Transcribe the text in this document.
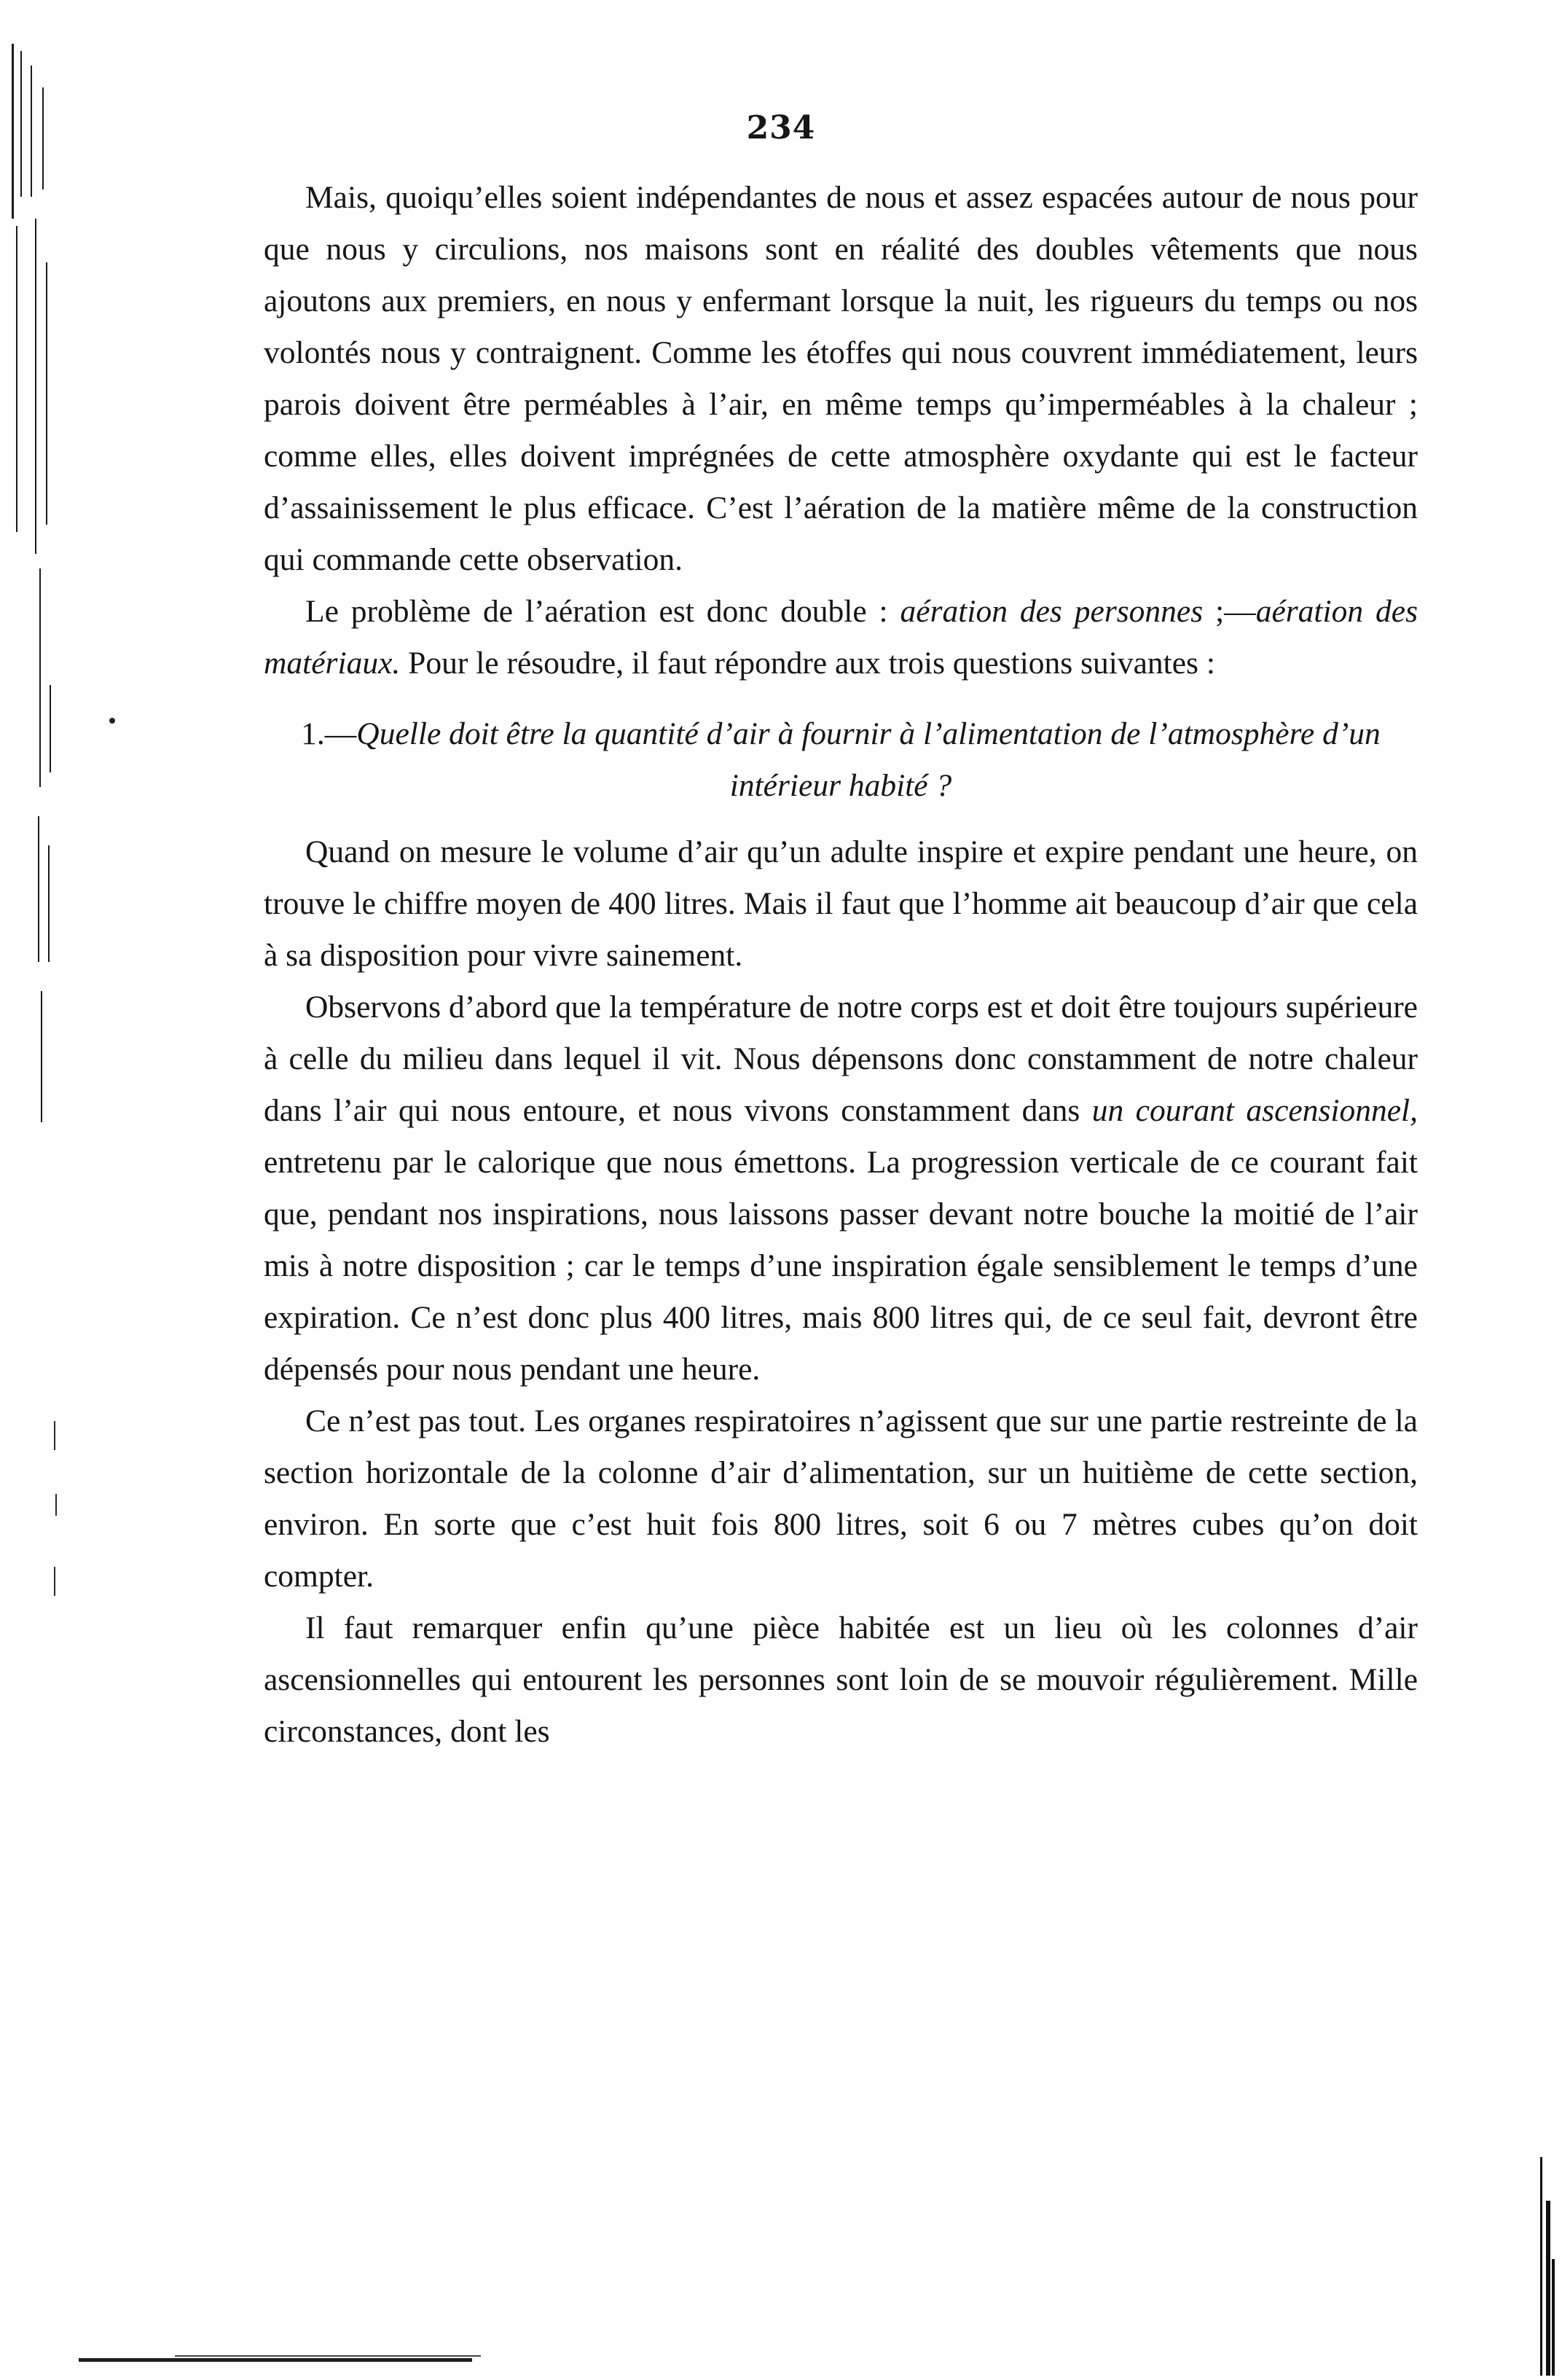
234

Mais, quoiqu’elles soient indépendantes de nous et assez espacées autour de nous pour que nous y circulions, nos maisons sont en réalité des doubles vêtements que nous ajoutons aux premiers, en nous y enfermant lorsque la nuit, les rigueurs du temps ou nos volontés nous y contraignent. Comme les étoffes qui nous couvrent immédiatement, leurs parois doivent être perméables à l’air, en même temps qu’imperméables à la chaleur ; comme elles, elles doivent imprégnées de cette atmosphère oxydante qui est le facteur d’assainissement le plus efficace. C’est l’aération de la matière même de la construction qui commande cette observation.

Le problème de l’aération est donc double : aération des personnes ;—aération des matériaux. Pour le résoudre, il faut répondre aux trois questions suivantes :

1.—Quelle doit être la quantité d’air à fournir à l’alimentation de l’atmosphère d’un intérieur habité ?

Quand on mesure le volume d’air qu’un adulte inspire et expire pendant une heure, on trouve le chiffre moyen de 400 litres. Mais il faut que l’homme ait beaucoup d’air que cela à sa disposition pour vivre sainement.

Observons d’abord que la température de notre corps est et doit être toujours supérieure à celle du milieu dans lequel il vit. Nous dépensons donc constamment de notre chaleur dans l’air qui nous entoure, et nous vivons constamment dans un courant ascensionnel, entretenu par le calorique que nous émettons. La progression verticale de ce courant fait que, pendant nos inspirations, nous laissons passer devant notre bouche la moitié de l’air mis à notre disposition ; car le temps d’une inspiration égale sensiblement le temps d’une expiration. Ce n’est donc plus 400 litres, mais 800 litres qui, de ce seul fait, devront être dépensés pour nous pendant une heure.

Ce n’est pas tout. Les organes respiratoires n’agissent que sur une partie restreinte de la section horizontale de la colonne d’air d’alimentation, sur un huitième de cette section, environ. En sorte que c’est huit fois 800 litres, soit 6 ou 7 mètres cubes qu’on doit compter.

Il faut remarquer enfin qu’une pièce habitée est un lieu où les colonnes d’air ascensionnelles qui entourent les personnes sont loin de se mouvoir régulièrement. Mille circonstances, dont les
